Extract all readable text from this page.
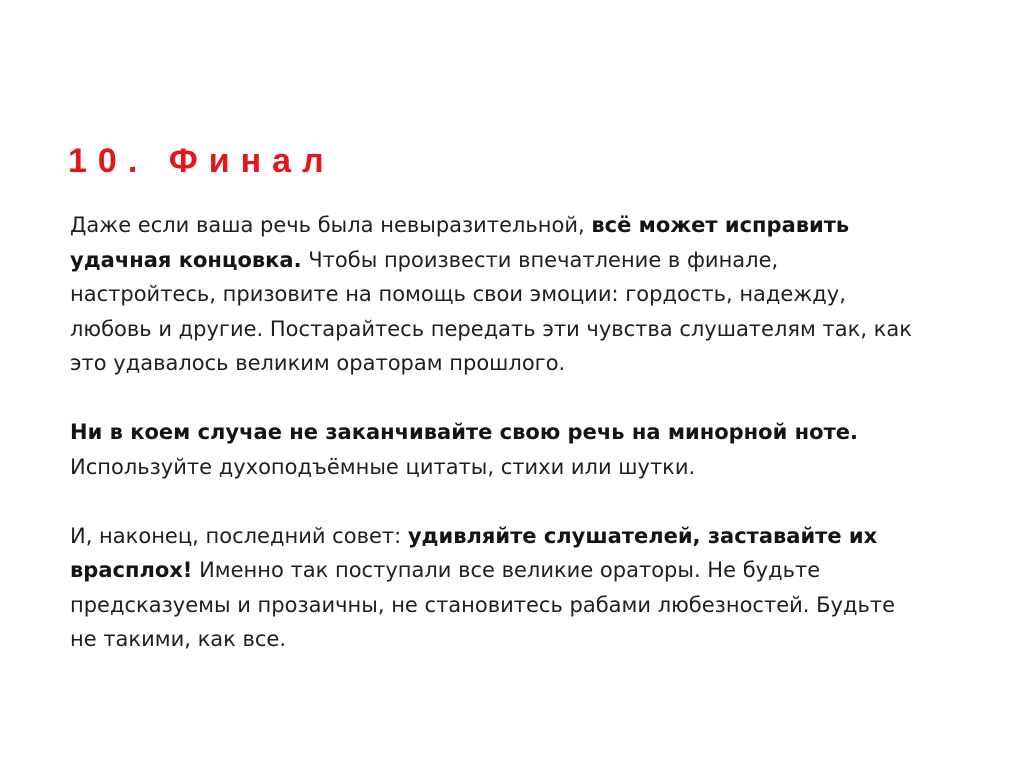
10. Финал

Даже если ваша речь была невыразительной, всё может исправить
удачная концовка. Чтобы произвести впечатление в финале,
настройтесь, призовите на помощь свои эмоции: гордость, надежду,
любовь и другие. Постарайтесь передать эти чувства слушателям так, как
это удавалось великим ораторам прошлого.

Ни в коем случае не заканчивайте свою речь на минорной ноте.
Используйте духоподъёмные цитаты, стихи или шутки.

И, наконец, последний совет: удивляйте слушателей, заставайте их
врасплох! Именно так поступали все великие ораторы. Не будьте
предсказуемы и прозаичны, не становитесь рабами любезностей. Будьте
не такими, как все.
